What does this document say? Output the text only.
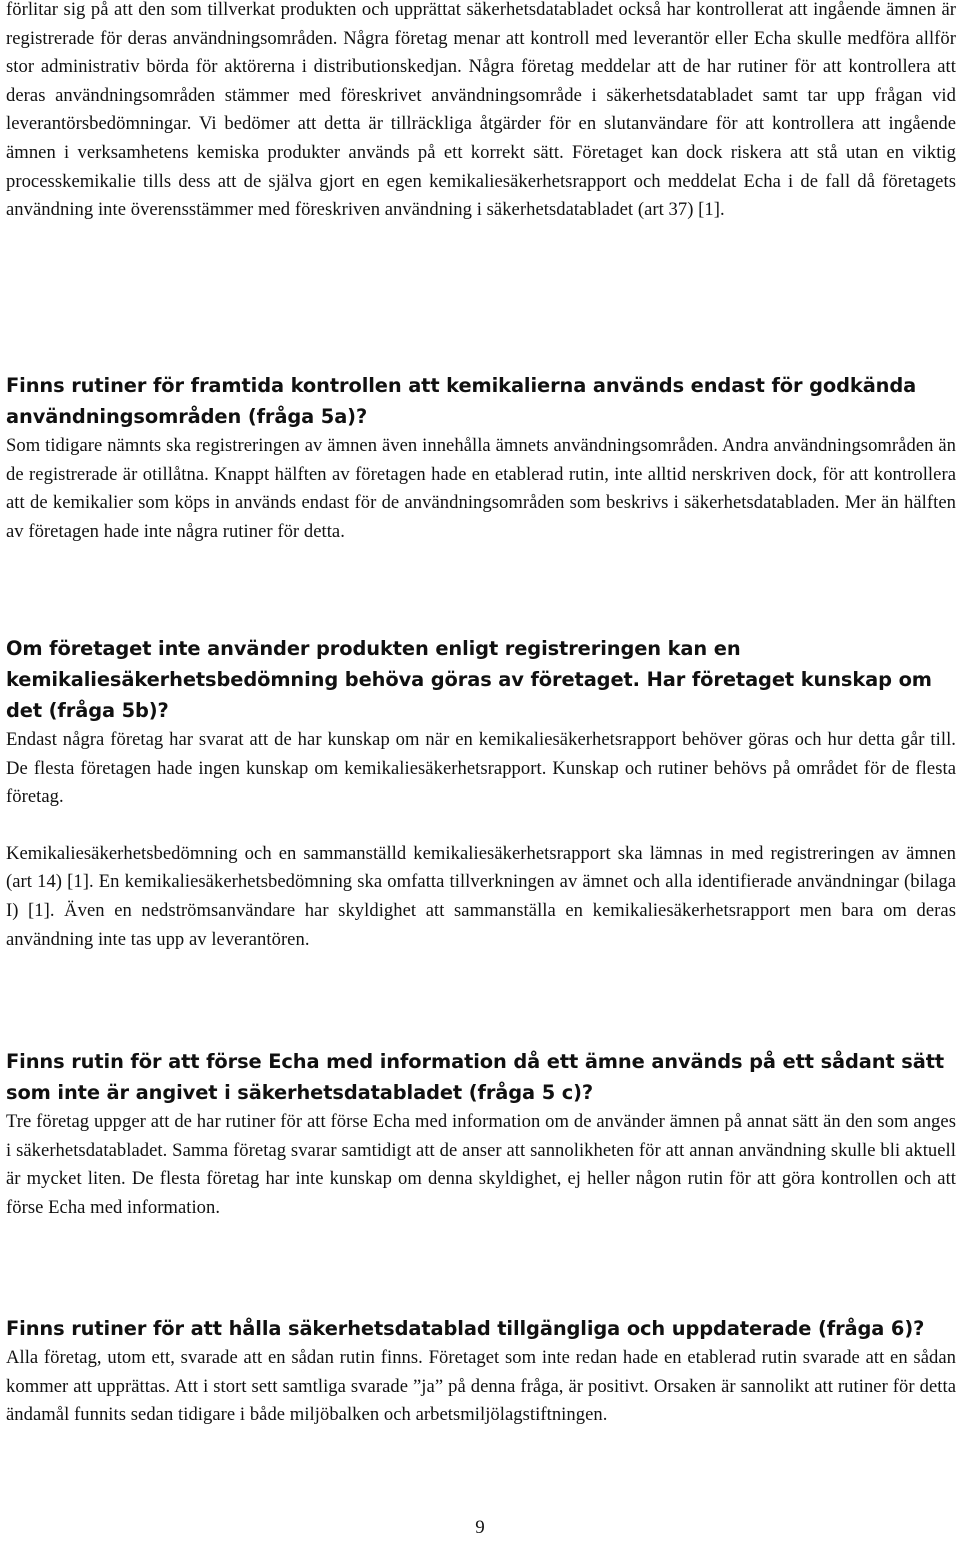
förlitar sig på att den som tillverkat produkten och upprättat säkerhetsdatabladet också har kontrollerat att ingående ämnen är registrerade för deras användningsområden. Några företag menar att kontroll med leverantör eller Echa skulle medföra allför stor administrativ börda för aktörerna i distributionskedjan. Några företag meddelar att de har rutiner för att kontrollera att deras användningsområden stämmer med föreskrivet användningsområde i säkerhetsdatabladet samt tar upp frågan vid leverantörsbedömningar. Vi bedömer att detta är tillräckliga åtgärder för en slutanvändare för att kontrollera att ingående ämnen i verksamhetens kemiska produkter används på ett korrekt sätt. Företaget kan dock riskera att stå utan en viktig processkemikalie tills dess att de själva gjort en egen kemikaliesäkerhetsrapport och meddelat Echa i de fall då företagets användning inte överensstämmer med föreskriven användning i säkerhetsdatabladet (art 37) [1].

Finns rutiner för framtida kontrollen att kemikalierna används endast för godkända användningsområden (fråga 5a)?

Som tidigare nämnts ska registreringen av ämnen även innehålla ämnets användningsområden. Andra användningsområden än de registrerade är otillåtna. Knappt hälften av företagen hade en etablerad rutin, inte alltid nerskriven dock, för att kontrollera att de kemikalier som köps in används endast för de användningsområden som beskrivs i säkerhetsdatabladen. Mer än hälften av företagen hade inte några rutiner för detta.

Om företaget inte använder produkten enligt registreringen kan en kemikaliesäkerhetsbedömning behöva göras av företaget. Har företaget kunskap om det (fråga 5b)?

Endast några företag har svarat att de har kunskap om när en kemikaliesäkerhetsrapport behöver göras och hur detta går till. De flesta företagen hade ingen kunskap om kemikaliesäkerhetsrapport. Kunskap och rutiner behövs på området för de flesta företag.

Kemikaliesäkerhetsbedömning och en sammanställd kemikaliesäkerhetsrapport ska lämnas in med registreringen av ämnen (art 14) [1]. En kemikaliesäkerhetsbedömning ska omfatta tillverkningen av ämnet och alla identifierade användningar (bilaga I) [1]. Även en nedströmsanvändare har skyldighet att sammanställa en kemikaliesäkerhetsrapport men bara om deras användning inte tas upp av leverantören.

Finns rutin för att förse Echa med information då ett ämne används på ett sådant sätt som inte är angivet i säkerhetsdatabladet (fråga 5 c)?

Tre företag uppger att de har rutiner för att förse Echa med information om de använder ämnen på annat sätt än den som anges i säkerhetsdatabladet. Samma företag svarar samtidigt att de anser att sannolikheten för att annan användning skulle bli aktuell är mycket liten. De flesta företag har inte kunskap om denna skyldighet, ej heller någon rutin för att göra kontrollen och att förse Echa med information.

Finns rutiner för att hålla säkerhetsdatablad tillgängliga och uppdaterade (fråga 6)?

Alla företag, utom ett, svarade att en sådan rutin finns. Företaget som inte redan hade en etablerad rutin svarade att en sådan kommer att upprättas. Att i stort sett samtliga svarade ”ja” på denna fråga, är positivt. Orsaken är sannolikt att rutiner för detta ändamål funnits sedan tidigare i både miljöbalken och arbetsmiljölagstiftningen.

9
